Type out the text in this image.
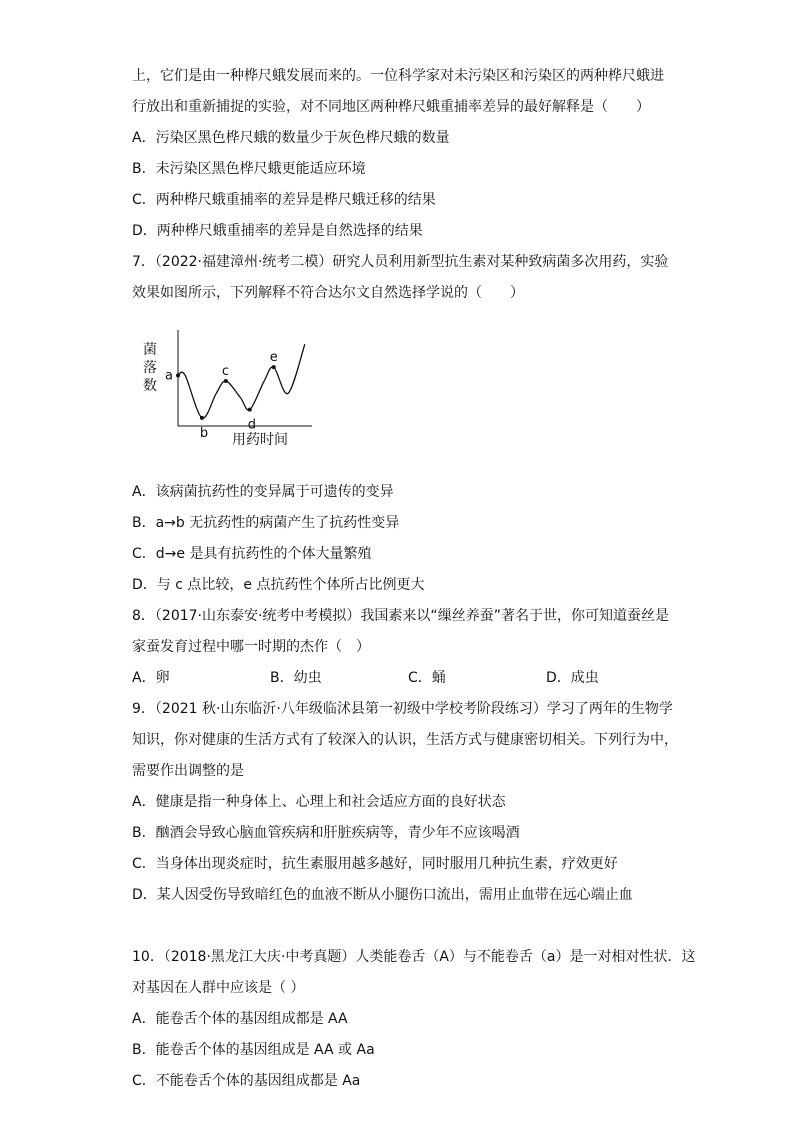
上，它们是由一种桦尺蛾发展而来的。一位科学家对未污染区和污染区的两种桦尺蛾进
行放出和重新捕捉的实验，对不同地区两种桦尺蛾重捕率差异的最好解释是（　　）
A．污染区黑色桦尺蛾的数量少于灰色桦尺蛾的数量
B．未污染区黑色桦尺蛾更能适应环境
C．两种桦尺蛾重捕率的差异是桦尺蛾迁移的结果
D．两种桦尺蛾重捕率的差异是自然选择的结果
7．（2022·福建漳州·统考二模）研究人员利用新型抗生素对某种致病菌多次用药，实验
效果如图所示，下列解释不符合达尔文自然选择学说的（　　）
菌
落
数
a
b
c
d
e
用药时间
A．该病菌抗药性的变异属于可遗传的变异
B．a→b 无抗药性的病菌产生了抗药性变异
C．d→e 是具有抗药性的个体大量繁殖
D．与 c 点比较，e 点抗药性个体所占比例更大
8．（2017·山东泰安·统考中考模拟）我国素来以“缫丝养蚕”著名于世，你可知道蚕丝是
家蚕发育过程中哪一时期的杰作（　）
A．卵	B．幼虫	C．蛹	D．成虫
9．（2021 秋·山东临沂·八年级临沭县第一初级中学校考阶段练习）学习了两年的生物学
知识，你对健康的生活方式有了较深入的认识，生活方式与健康密切相关。下列行为中，
需要作出调整的是
A．健康是指一种身体上、心理上和社会适应方面的良好状态
B．酗酒会导致心脑血管疾病和肝脏疾病等，青少年不应该喝酒
C．当身体出现炎症时，抗生素服用越多越好，同时服用几种抗生素，疗效更好
D．某人因受伤导致暗红色的血液不断从小腿伤口流出，需用止血带在远心端止血
10．（2018·黑龙江大庆·中考真题）人类能卷舌（A）与不能卷舌（a）是一对相对性状．这
对基因在人群中应该是（ ）
A．能卷舌个体的基因组成都是 AA
B．能卷舌个体的基因组成是 AA 或 Aa
C．不能卷舌个体的基因组成都是 Aa
